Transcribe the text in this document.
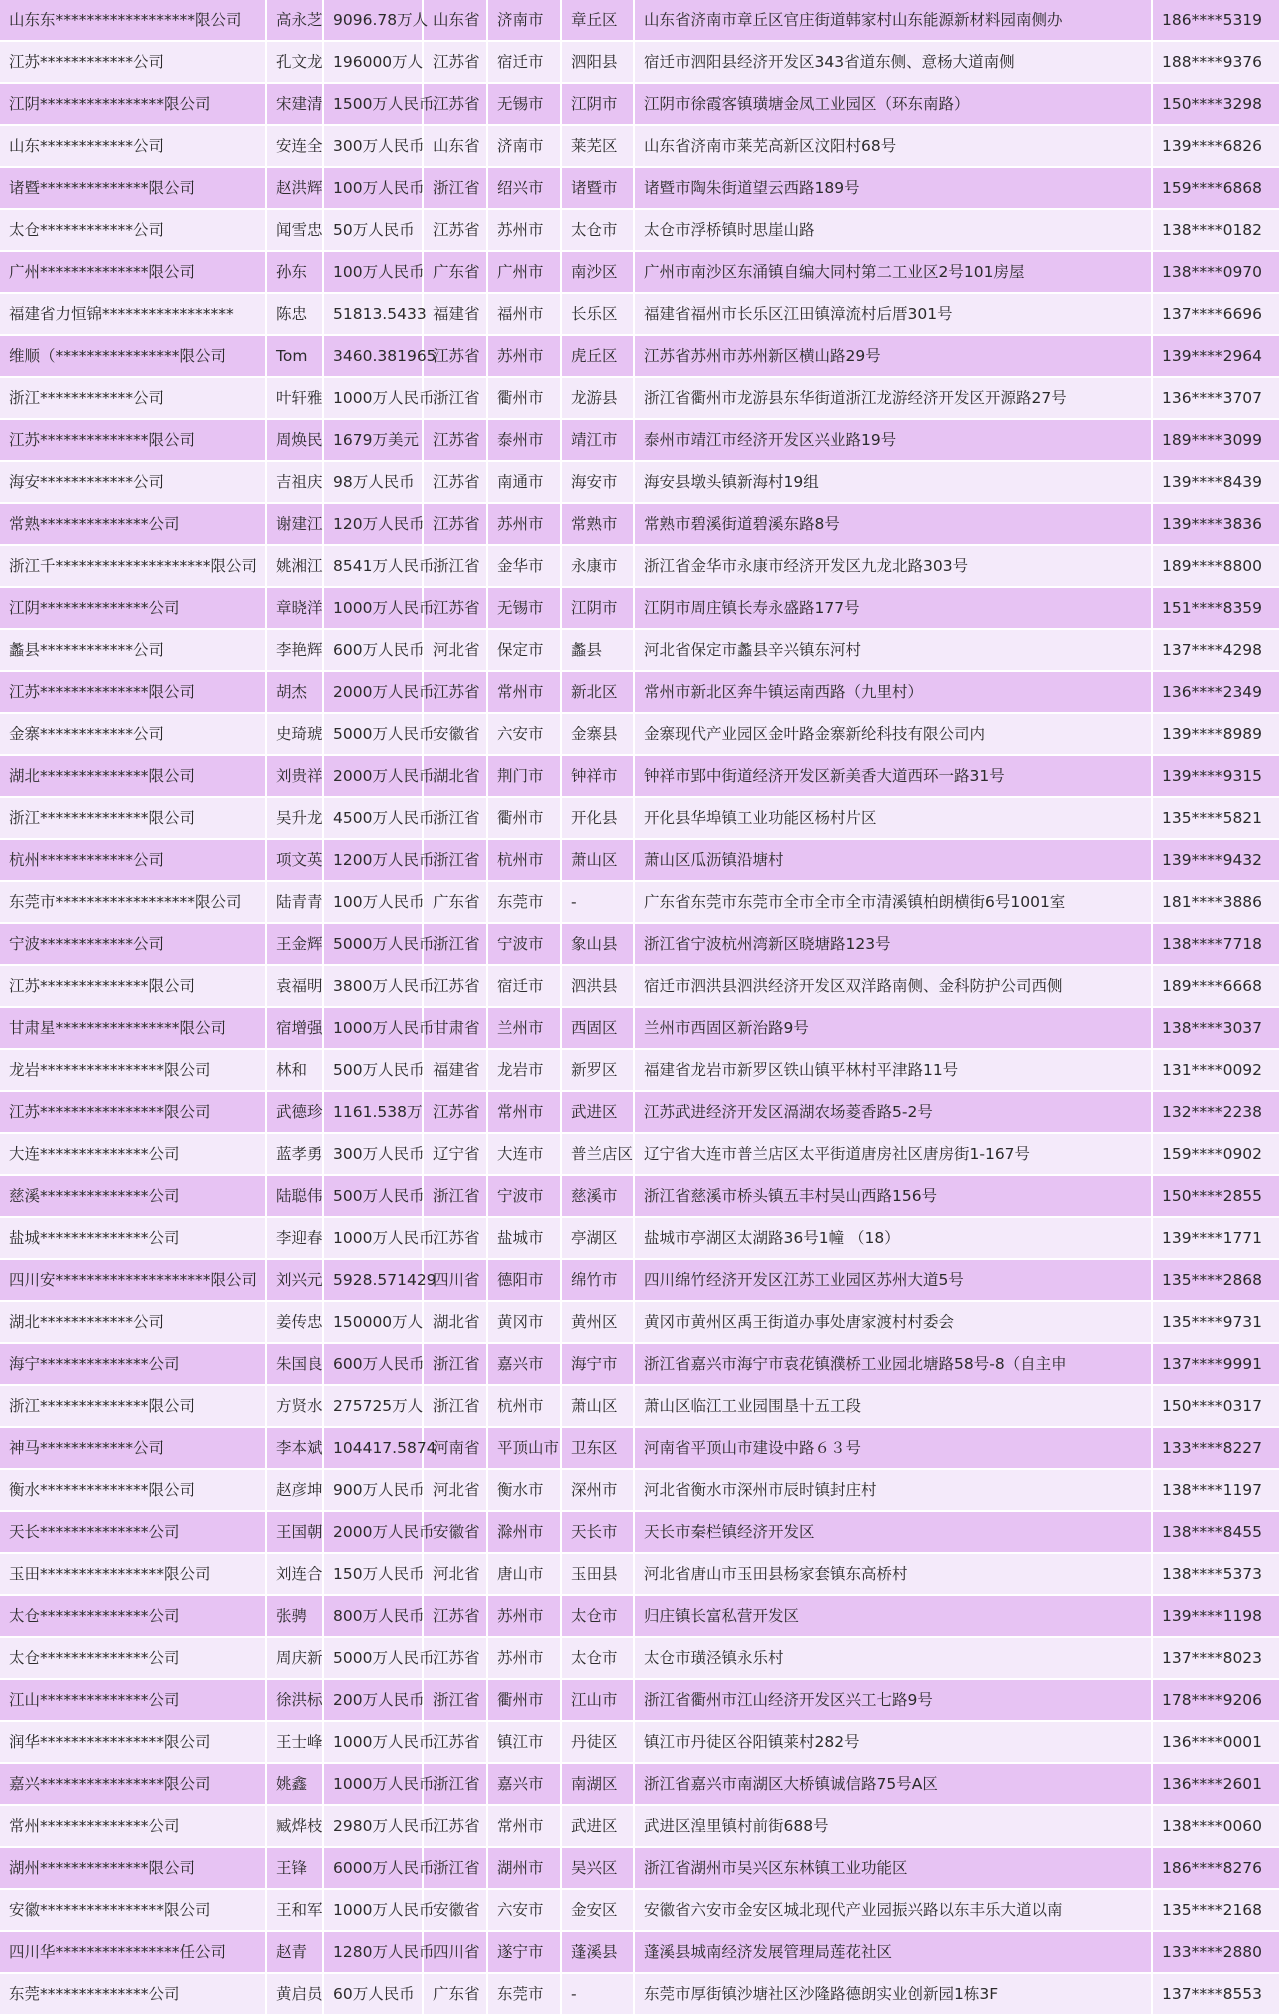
山东东******************限公司	高永芝	9096.78万人	山东省	济南市	章丘区	山东省济南市章丘区官庄街道韩家村山东能源新材料园南侧办	186****5319
江苏************公司	孔文龙	196000万人	江苏省	宿迁市	泗阳县	宿迁市泗阳县经济开发区343省道东侧、意杨大道南侧	188****9376
江阴****************限公司	宋建清	1500万人民币	江苏省	无锡市	江阴市	江阴市徐霞客镇璜塘金凤工业园区（环东南路）	150****3298
山东************公司	安连全	300万人民币	山东省	济南市	莱芜区	山东省济南市莱芜高新区汶阳村68号	139****6826
诸暨**************限公司	赵洪辉	100万人民币	浙江省	绍兴市	诸暨市	诸暨市陶朱街道望云西路189号	159****6868
太仓************公司	闻雪忠	50万人民币	江苏省	苏州市	太仓市	太仓市浮桥镇时思崖山路	138****0182
广州**************限公司	孙东	100万人民币	广东省	广州市	南沙区	广州市南沙区东涌镇自编大同村第二工业区2号101房屋	138****0970
福建省力恒锦*****************	陈忠	51813.5433	福建省	福州市	长乐区	福建省福州市长乐区江田镇漳流村后厝301号	137****6696
维顺（****************限公司	Tom	3460.381965	江苏省	苏州市	虎丘区	江苏省苏州市苏州新区横山路29号	139****2964
浙江************公司	叶轩雅	1000万人民币	浙江省	衢州市	龙游县	浙江省衢州市龙游县东华街道浙江龙游经济开发区开源路27号	136****3707
江苏**************限公司	周焕民	1679万美元	江苏省	泰州市	靖江市	泰州市靖江市经济开发区兴业路19号	189****3099
海安************公司	吉祖庆	98万人民币	江苏省	南通市	海安市	海安县墩头镇新海村19组	139****8439
常熟**************公司	谢建江	120万人民币	江苏省	苏州市	常熟市	常熟市碧溪街道碧溪东路8号	139****3836
浙江千********************限公司	姚湘江	8541万人民币	浙江省	金华市	永康市	浙江省金华市永康市经济开发区九龙北路303号	189****8800
江阴**************公司	章晓洋	1000万人民币	江苏省	无锡市	江阴市	江阴市周庄镇长寿永盛路177号	151****8359
蠡县************公司	李艳辉	600万人民币	河北省	保定市	蠡县	河北省保定市蠡县辛兴镇东河村	137****4298
江苏**************限公司	胡杰	2000万人民币	江苏省	常州市	新北区	常州市新北区奔牛镇运南西路（九里村）	136****2349
金寨************公司	史琦琥	5000万人民币	安徽省	六安市	金寨县	金寨现代产业园区金叶路金寨新纶科技有限公司内	139****8989
湖北**************限公司	刘贵祥	2000万人民币	湖北省	荆门市	钟祥市	钟祥市郢中街道经济开发区新美香大道西环一路31号	139****9315
浙江**************限公司	吴升龙	4500万人民币	浙江省	衢州市	开化县	开化县华埠镇工业功能区杨村片区	135****5821
杭州************公司	项文英	1200万人民币	浙江省	杭州市	萧山区	萧山区瓜沥镇沿塘村	139****9432
东莞市******************限公司	陆青青	100万人民币	广东省	东莞市	-	广东省东莞市东莞市全市全市全市清溪镇柏朗横街6号1001室	181****3886
宁波************公司	王金辉	5000万人民币	浙江省	宁波市	象山县	浙江省宁波杭州湾新区晓塘路123号	138****7718
江苏**************限公司	袁福明	3800万人民币	江苏省	宿迁市	泗洪县	宿迁市泗洪县泗洪经济开发区双洋路南侧、金科防护公司西侧	189****6668
甘肃星****************限公司	宿增强	1000万人民币	甘肃省	兰州市	西固区	兰州市西固区新治路9号	138****3037
龙岩****************限公司	林和	500万人民币	福建省	龙岩市	新罗区	福建省龙岩市新罗区铁山镇平林村平津路11号	131****0092
江苏****************限公司	武德珍	1161.538万	江苏省	常州市	武进区	江苏武进经济开发区滆湖农场菱香路5-2号	132****2238
大连**************公司	蓝孝勇	300万人民币	辽宁省	大连市	普兰店区	辽宁省大连市普兰店区太平街道唐房社区唐房街1-167号	159****0902
慈溪**************公司	陆聪伟	500万人民币	浙江省	宁波市	慈溪市	浙江省慈溪市桥头镇五丰村吴山西路156号	150****2855
盐城**************公司	李迎春	1000万人民币	江苏省	盐城市	亭湖区	盐城市亭湖区太湖路36号1幢 （18）	139****1771
四川安********************限公司	刘兴元	5928.571429	四川省	德阳市	绵竹市	四川绵竹经济开发区江苏工业园区苏州大道5号	135****2868
湖北************公司	姜传忠	150000万人	湖北省	黄冈市	黄州区	黄冈市黄州区禹王街道办事处唐家渡村村委会	135****9731
海宁**************公司	朱国良	600万人民币	浙江省	嘉兴市	海宁市	浙江省嘉兴市海宁市袁花镇濮桥工业园北塘路58号-8（自主申	137****9991
浙江**************限公司	方贤水	275725万人	浙江省	杭州市	萧山区	萧山区临江工业园围垦十五工段	150****0317
神马************公司	李本斌	104417.5874	河南省	平顶山市	卫东区	河南省平顶山市建设中路６３号	133****8227
衡水**************限公司	赵彦坤	900万人民币	河北省	衡水市	深州市	河北省衡水市深州市辰时镇封庄村	138****1197
天长**************公司	王国朝	2000万人民币	安徽省	滁州市	天长市	天长市秦栏镇经济开发区	138****8455
玉田****************限公司	刘连合	150万人民币	河北省	唐山市	玉田县	河北省唐山市玉田县杨家套镇东高桥村	138****5373
太仓**************公司	张骋	800万人民币	江苏省	苏州市	太仓市	归庄镇长富私营开发区	139****1198
太仓**************公司	周庆新	5000万人民币	江苏省	苏州市	太仓市	太仓市璜泾镇永乐村	137****8023
江山**************公司	徐洪标	200万人民币	浙江省	衢州市	江山市	浙江省衢州市江山经济开发区兴工七路9号	178****9206
润华****************限公司	王士峰	1000万人民币	江苏省	镇江市	丹徒区	镇江市丹徒区谷阳镇莱村282号	136****0001
嘉兴****************限公司	姚鑫	1000万人民币	浙江省	嘉兴市	南湖区	浙江省嘉兴市南湖区大桥镇诚信路75号A区	136****2601
常州**************公司	臧烨枝	2980万人民币	江苏省	常州市	武进区	武进区湟里镇村前街688号	138****0060
湖州**************限公司	王锋	6000万人民币	浙江省	湖州市	吴兴区	浙江省湖州市吴兴区东林镇工业功能区	186****8276
安徽****************限公司	王和军	1000万人民币	安徽省	六安市	金安区	安徽省六安市金安区城北现代产业园振兴路以东丰乐大道以南	135****2168
四川华****************任公司	赵青	1280万人民币	四川省	遂宁市	蓬溪县	蓬溪县城南经济发展管理局莲花社区	133****2880
东莞**************公司	黄启员	60万人民币	广东省	东莞市	-	东莞市厚街镇沙塘社区沙隆路德朗实业创新园1栋3F	137****8553
